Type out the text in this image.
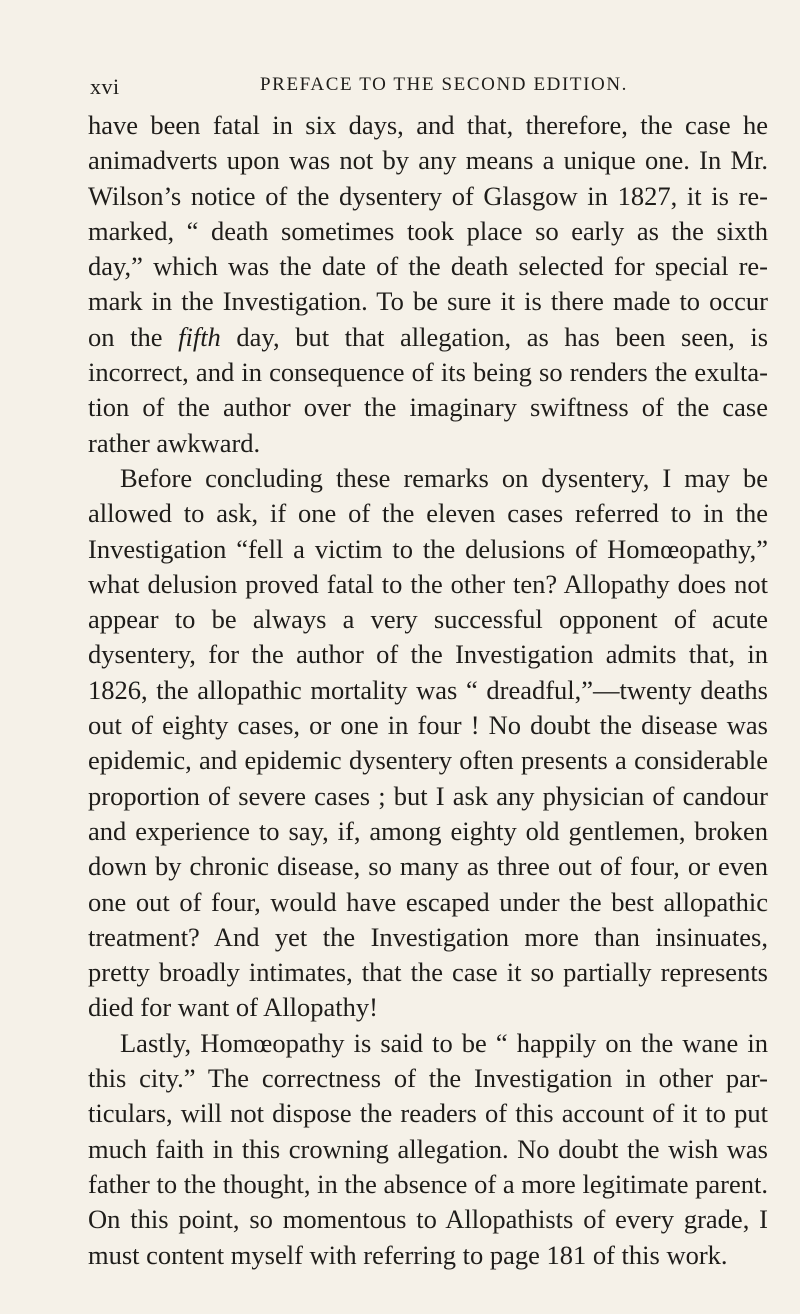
xvi	PREFACE TO THE SECOND EDITION.

have been fatal in six days, and that, therefore, the case he animadverts upon was not by any means a unique one. In Mr. Wilson’s notice of the dysentery of Glasgow in 1827, it is re-marked, “ death sometimes took place so early as the sixth day,” which was the date of the death selected for special re-mark in the Investigation. To be sure it is there made to occur on the fifth day, but that allegation, as has been seen, is incorrect, and in consequence of its being so renders the exulta-tion of the author over the imaginary swiftness of the case rather awkward.

Before concluding these remarks on dysentery, I may be allowed to ask, if one of the eleven cases referred to in the Investigation “fell a victim to the delusions of Homœopathy,” what delusion proved fatal to the other ten? Allopathy does not appear to be always a very successful opponent of acute dysentery, for the author of the Investigation admits that, in 1826, the allopathic mortality was “ dreadful,”—twenty deaths out of eighty cases, or one in four ! No doubt the disease was epidemic, and epidemic dysentery often presents a considerable proportion of severe cases ; but I ask any physician of candour and experience to say, if, among eighty old gentlemen, broken down by chronic disease, so many as three out of four, or even one out of four, would have escaped under the best allopathic treatment? And yet the Investigation more than insinuates, pretty broadly intimates, that the case it so partially represents died for want of Allopathy!

Lastly, Homœopathy is said to be “ happily on the wane in this city.” The correctness of the Investigation in other par-ticulars, will not dispose the readers of this account of it to put much faith in this crowning allegation. No doubt the wish was father to the thought, in the absence of a more legitimate parent. On this point, so momentous to Allopathists of every grade, I must content myself with referring to page 181 of this work.
